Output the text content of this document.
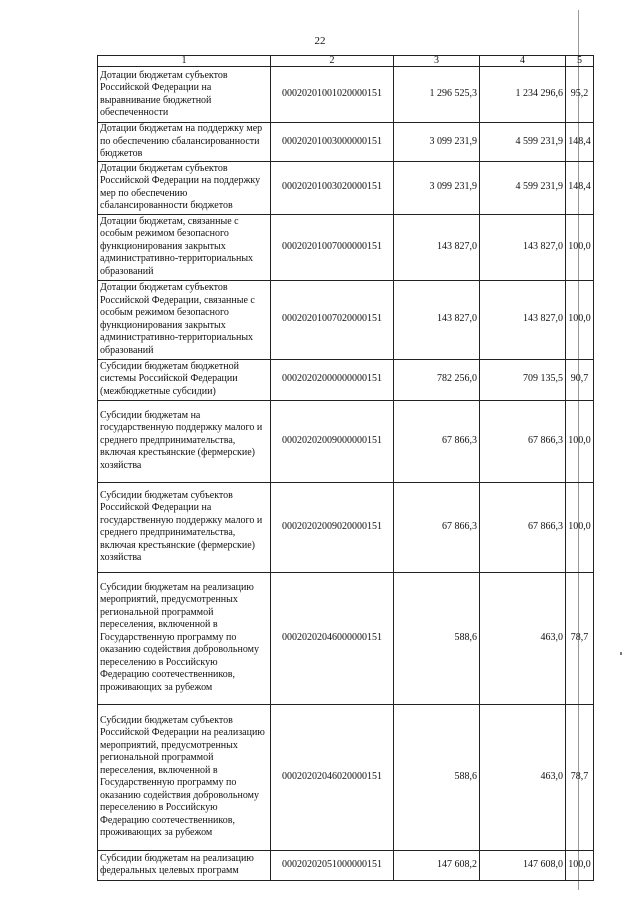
22
1	2	3	4	5
Дотации бюджетам субъектов Российской Федерации на выравнивание бюджетной обеспеченности	00020201001020000151	1 296 525,3	1 234 296,6	95,2
Дотации бюджетам на поддержку мер по обеспечению сбалансированности бюджетов	00020201003000000151	3 099 231,9	4 599 231,9	148,4
Дотации бюджетам субъектов Российской Федерации на поддержку мер по обеспечению сбалансированности бюджетов	00020201003020000151	3 099 231,9	4 599 231,9	148,4
Дотации бюджетам, связанные с особым режимом безопасного функционирования закрытых административно-территориальных образований	00020201007000000151	143 827,0	143 827,0	100,0
Дотации бюджетам субъектов Российской Федерации, связанные с особым режимом безопасного функционирования закрытых административно-территориальных образований	00020201007020000151	143 827,0	143 827,0	100,0
Субсидии бюджетам бюджетной системы Российской Федерации (межбюджетные субсидии)	00020202000000000151	782 256,0	709 135,5	90,7
Субсидии бюджетам на государственную поддержку малого и среднего предпринимательства, включая крестьянские (фермерские) хозяйства	00020202009000000151	67 866,3	67 866,3	100,0
Субсидии бюджетам субъектов Российской Федерации на государственную поддержку малого и среднего предпринимательства, включая крестьянские (фермерские) хозяйства	00020202009020000151	67 866,3	67 866,3	100,0
Субсидии бюджетам на реализацию мероприятий, предусмотренных региональной программой переселения, включенной в Государственную программу по оказанию содействия добровольному переселению в Российскую Федерацию соотечественников, проживающих за рубежом	00020202046000000151	588,6	463,0	78,7
Субсидии бюджетам субъектов Российской Федерации на реализацию мероприятий, предусмотренных региональной программой переселения, включенной в Государственную программу по оказанию содействия добровольному переселению в Российскую Федерацию соотечественников, проживающих за рубежом	00020202046020000151	588,6	463,0	78,7
Субсидии бюджетам на реализацию федеральных целевых программ	00020202051000000151	147 608,2	147 608,0	100,0
